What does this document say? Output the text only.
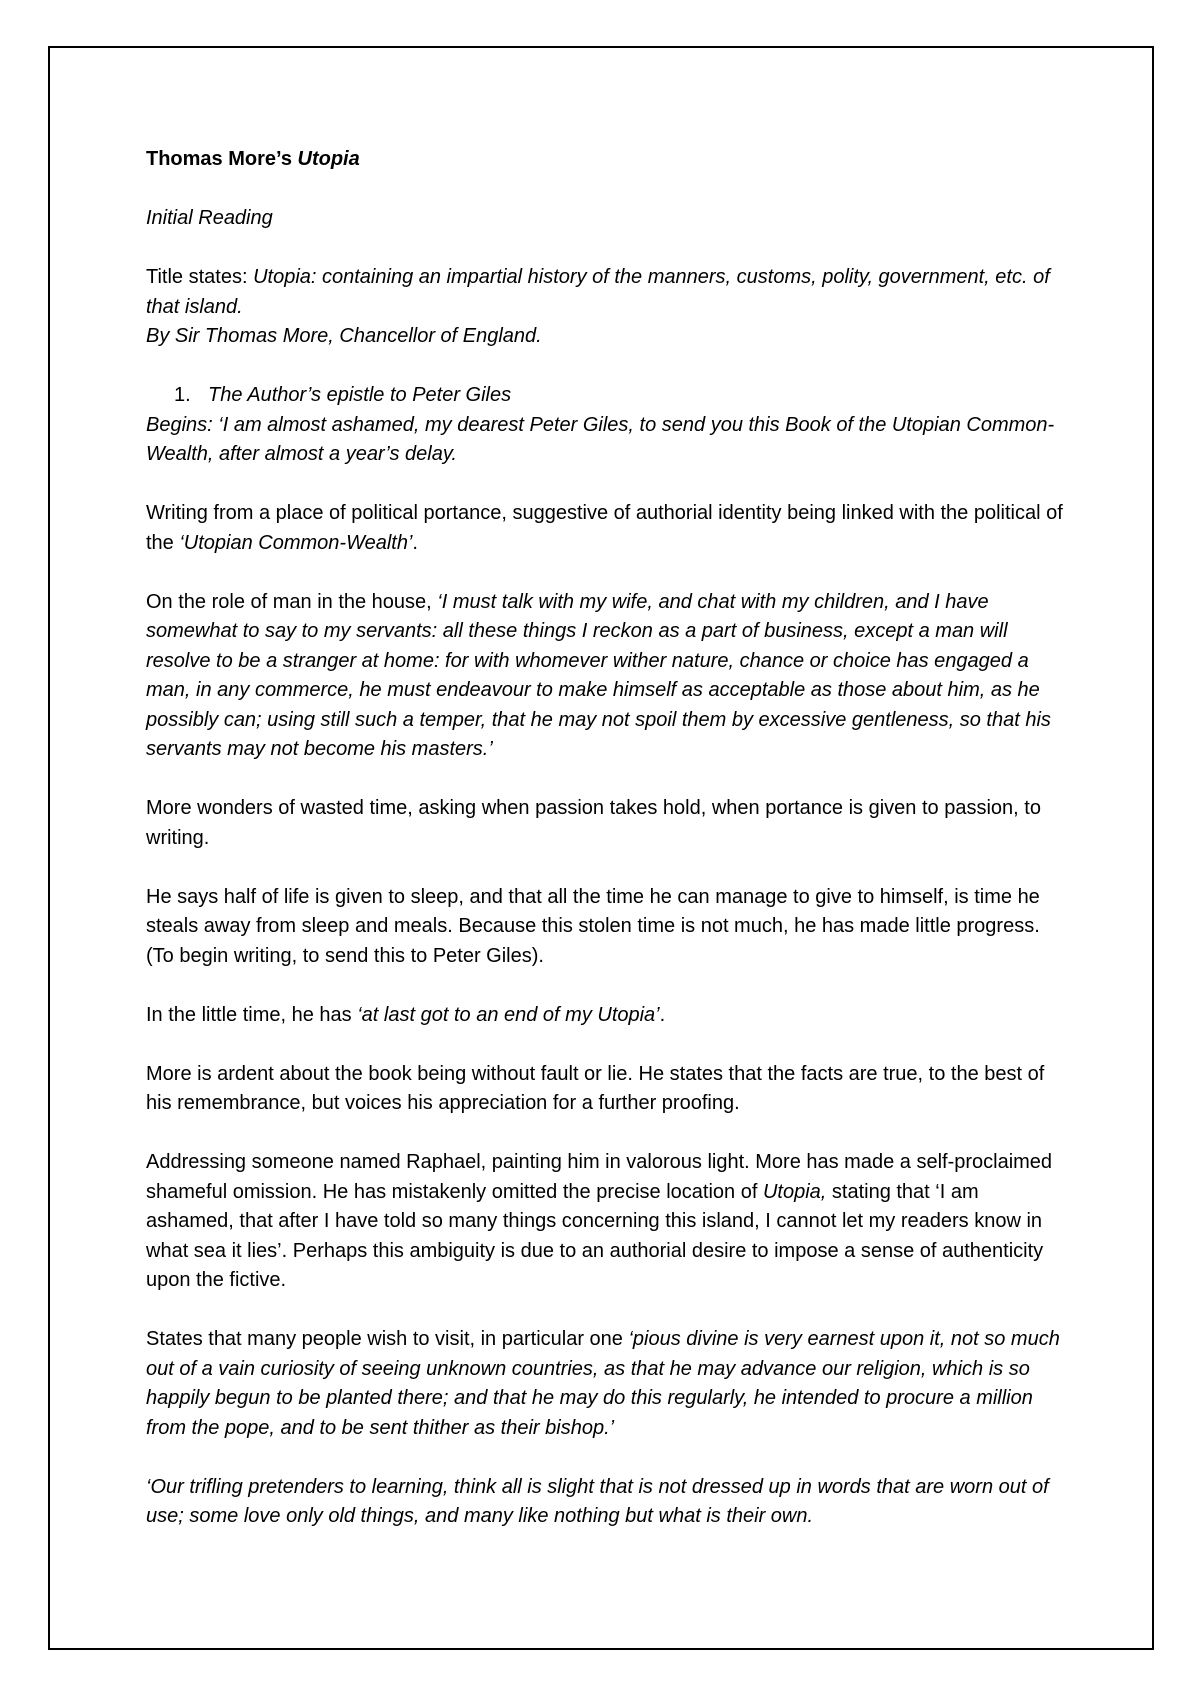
Thomas More’s Utopia

Initial Reading

Title states: Utopia: containing an impartial history of the manners, customs, polity, government, etc. of that island.

By Sir Thomas More, Chancellor of England.

1. The Author’s epistle to Peter Giles

Begins: ‘I am almost ashamed, my dearest Peter Giles, to send you this Book of the Utopian Common-Wealth, after almost a year’s delay.

Writing from a place of political portance, suggestive of authorial identity being linked with the political of the ‘Utopian Common-Wealth’.

On the role of man in the house, ‘I must talk with my wife, and chat with my children, and I have somewhat to say to my servants: all these things I reckon as a part of business, except a man will resolve to be a stranger at home: for with whomever wither nature, chance or choice has engaged a man, in any commerce, he must endeavour to make himself as acceptable as those about him, as he possibly can; using still such a temper, that he may not spoil them by excessive gentleness, so that his servants may not become his masters.’

More wonders of wasted time, asking when passion takes hold, when portance is given to passion, to writing.

He says half of life is given to sleep, and that all the time he can manage to give to himself, is time he steals away from sleep and meals. Because this stolen time is not much, he has made little progress. (To begin writing, to send this to Peter Giles).

In the little time, he has ‘at last got to an end of my Utopia’.

More is ardent about the book being without fault or lie. He states that the facts are true, to the best of his remembrance, but voices his appreciation for a further proofing.

Addressing someone named Raphael, painting him in valorous light. More has made a self-proclaimed shameful omission. He has mistakenly omitted the precise location of Utopia, stating that ‘I am ashamed, that after I have told so many things concerning this island, I cannot let my readers know in what sea it lies’. Perhaps this ambiguity is due to an authorial desire to impose a sense of authenticity upon the fictive.

States that many people wish to visit, in particular one ‘pious divine is very earnest upon it, not so much out of a vain curiosity of seeing unknown countries, as that he may advance our religion, which is so happily begun to be planted there; and that he may do this regularly, he intended to procure a million from the pope, and to be sent thither as their bishop.’

‘Our trifling pretenders to learning, think all is slight that is not dressed up in words that are worn out of use; some love only old things, and many like nothing but what is their own.
